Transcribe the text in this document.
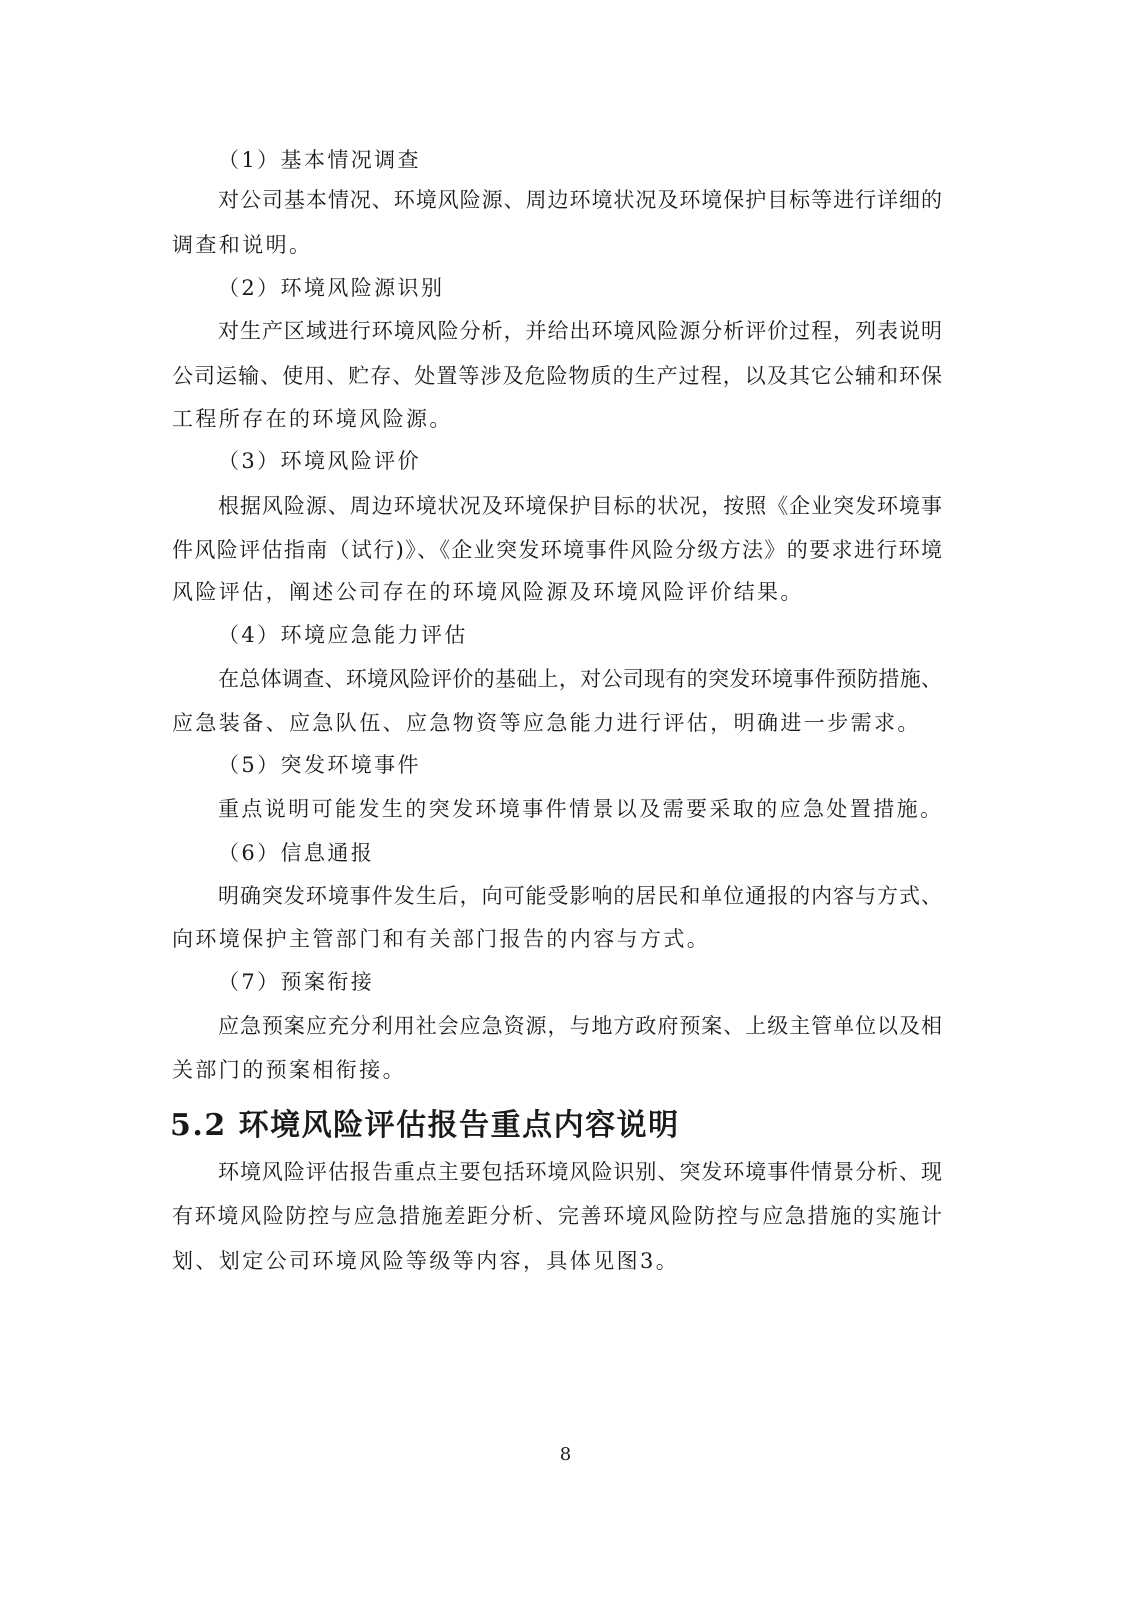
（1）基本情况调查
对公司基本情况、环境风险源、周边环境状况及环境保护目标等进行详细的
调查和说明。
（2）环境风险源识别
对生产区域进行环境风险分析，并给出环境风险源分析评价过程，列表说明
公司运输、使用、贮存、处置等涉及危险物质的生产过程，以及其它公辅和环保
工程所存在的环境风险源。
（3）环境风险评价
根据风险源、周边环境状况及环境保护目标的状况，按照《企业突发环境事
件风险评估指南（试行)》、《企业突发环境事件风险分级方法》的要求进行环境
风险评估，阐述公司存在的环境风险源及环境风险评价结果。
（4）环境应急能力评估
在总体调查、环境风险评价的基础上，对公司现有的突发环境事件预防措施、
应急装备、应急队伍、应急物资等应急能力进行评估，明确进一步需求。
（5）突发环境事件
重点说明可能发生的突发环境事件情景以及需要采取的应急处置措施。
（6）信息通报
明确突发环境事件发生后，向可能受影响的居民和单位通报的内容与方式、
向环境保护主管部门和有关部门报告的内容与方式。
（7）预案衔接
应急预案应充分利用社会应急资源，与地方政府预案、上级主管单位以及相
关部门的预案相衔接。
5.2 环境风险评估报告重点内容说明
环境风险评估报告重点主要包括环境风险识别、突发环境事件情景分析、现
有环境风险防控与应急措施差距分析、完善环境风险防控与应急措施的实施计
划、划定公司环境风险等级等内容，具体见图3。
8
